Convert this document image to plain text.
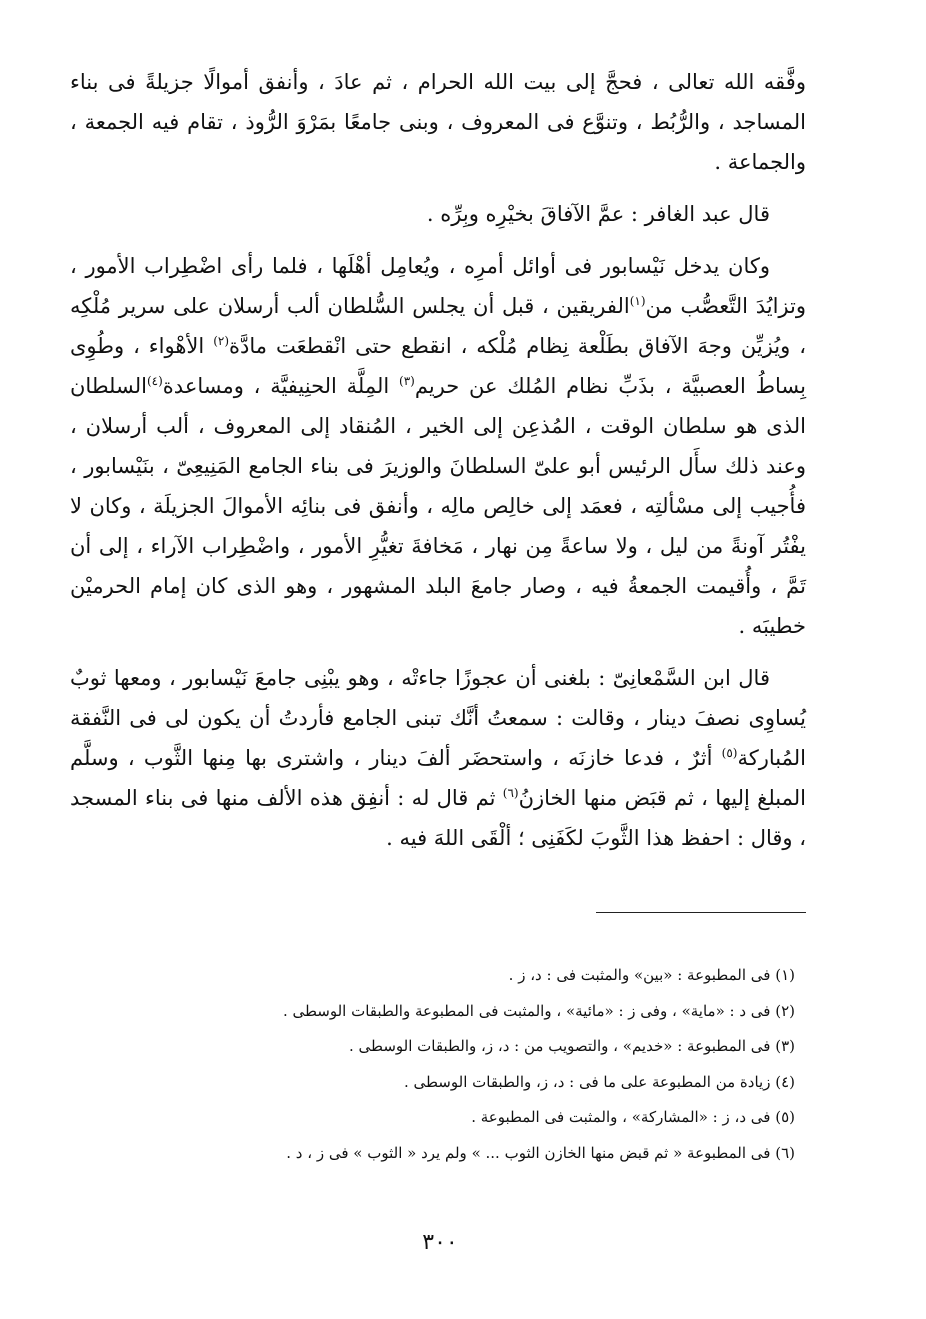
وفَّقه الله تعالى ، فحجَّ إلى بيت الله الحرام ، ثم عادَ ، وأنفق أموالًا جزيلةً فى بناء المساجد ، والرُّبُط ، وتنوَّع فى المعروف ، وبنى جامعًا بمَرْوَ الرُّوذ ، تقام فيه الجمعة ، والجماعة .

قال عبد الغافر : عمَّ الآفاقَ بخيْرِه وبِرِّه .

وكان يدخل نَيْسابور فى أوائل أمرِه ، ويُعامِل أهْلَها ، فلما رأى اضْطِراب الأمور ، وتزايُدَ التَّعصُّب من$^{(١)}$الفريقين ، قبل أن يجلس السُّلطان ألب أرسلان على سرير مُلْكِه ، ويُزيِّن وجهَ الآفاق بطَلْعة نِظام مُلْكه ، انقطع حتى انْقطعَت مادَّة$^{(٢)}$ الأهْواء ، وطُوِى بِساطُ العصبيَّة ، بذَبِّ نظام المُلك عن حريم$^{(٣)}$ المِلَّة الحنِيفيَّة ، ومساعدة$^{(٤)}$السلطان الذى هو سلطان الوقت ، المُذعِن إلى الخير ، المُنقاد إلى المعروف ، ألب أرسلان ، وعند ذلك سأَل الرئيس أبو علىّ السلطانَ والوزيرَ فى بناء الجامع المَنِيعِىّ ، بنَيْسابور ، فأُجيب إلى مسْألتِه ، فعمَد إلى خالِص مالِه ، وأنفق فى بنائِه الأموالَ الجزيلَة ، وكان لا يفْتُر آونةً من ليل ، ولا ساعةً مِن نهار ، مَخافةَ تغيُّرِ الأمور ، واضْطِراب الآراء ، إلى أن تَمَّ ، وأُقيمت الجمعةُ فيه ، وصار جامعَ البلد المشهور ، وهو الذى كان إمام الحرميْن خطيبَه .

قال ابن السَّمْعانِىّ : بلغنى أن عجوزًا جاءتْه ، وهو يبْنِى جامعَ نَيْسابور ، ومعها ثوبٌ يُساوِى نصفَ دينار ، وقالت : سمعتُ أنَّك تبنى الجامع فأردتُ أن يكون لى فى النَّفقة المُباركة$^{(٥)}$ أثرٌ ، فدعا خازنَه ، واستحضَر ألفَ دينار ، واشترى بها مِنها الثَّوب ، وسلَّم المبلغ إليها ، ثم قبَض منها الخازنُ$^{(٦)}$ ثم قال له : أنفِق هذه الألف منها فى بناء المسجد ، وقال : احفظ هذا الثَّوبَ لكَفَنِى ؛ ألْقَى اللهَ فيه .

(١) فى المطبوعة : «بين» والمثبت فى : د، ز .

(٢) فى د : «ماية» ، وفى ز : «مائية» ، والمثبت فى المطبوعة والطبقات الوسطى .

(٣) فى المطبوعة : «خديم» ، والتصويب من : د، ز، والطبقات الوسطى .

(٤) زيادة من المطبوعة على ما فى : د، ز، والطبقات الوسطى .

(٥) فى د، ز : «المشاركة» ، والمثبت فى المطبوعة .

(٦) فى المطبوعة « ثم قبض منها الخازن الثوب ... » ولم يرد « الثوب » فى ز ، د .

٣٠٠
